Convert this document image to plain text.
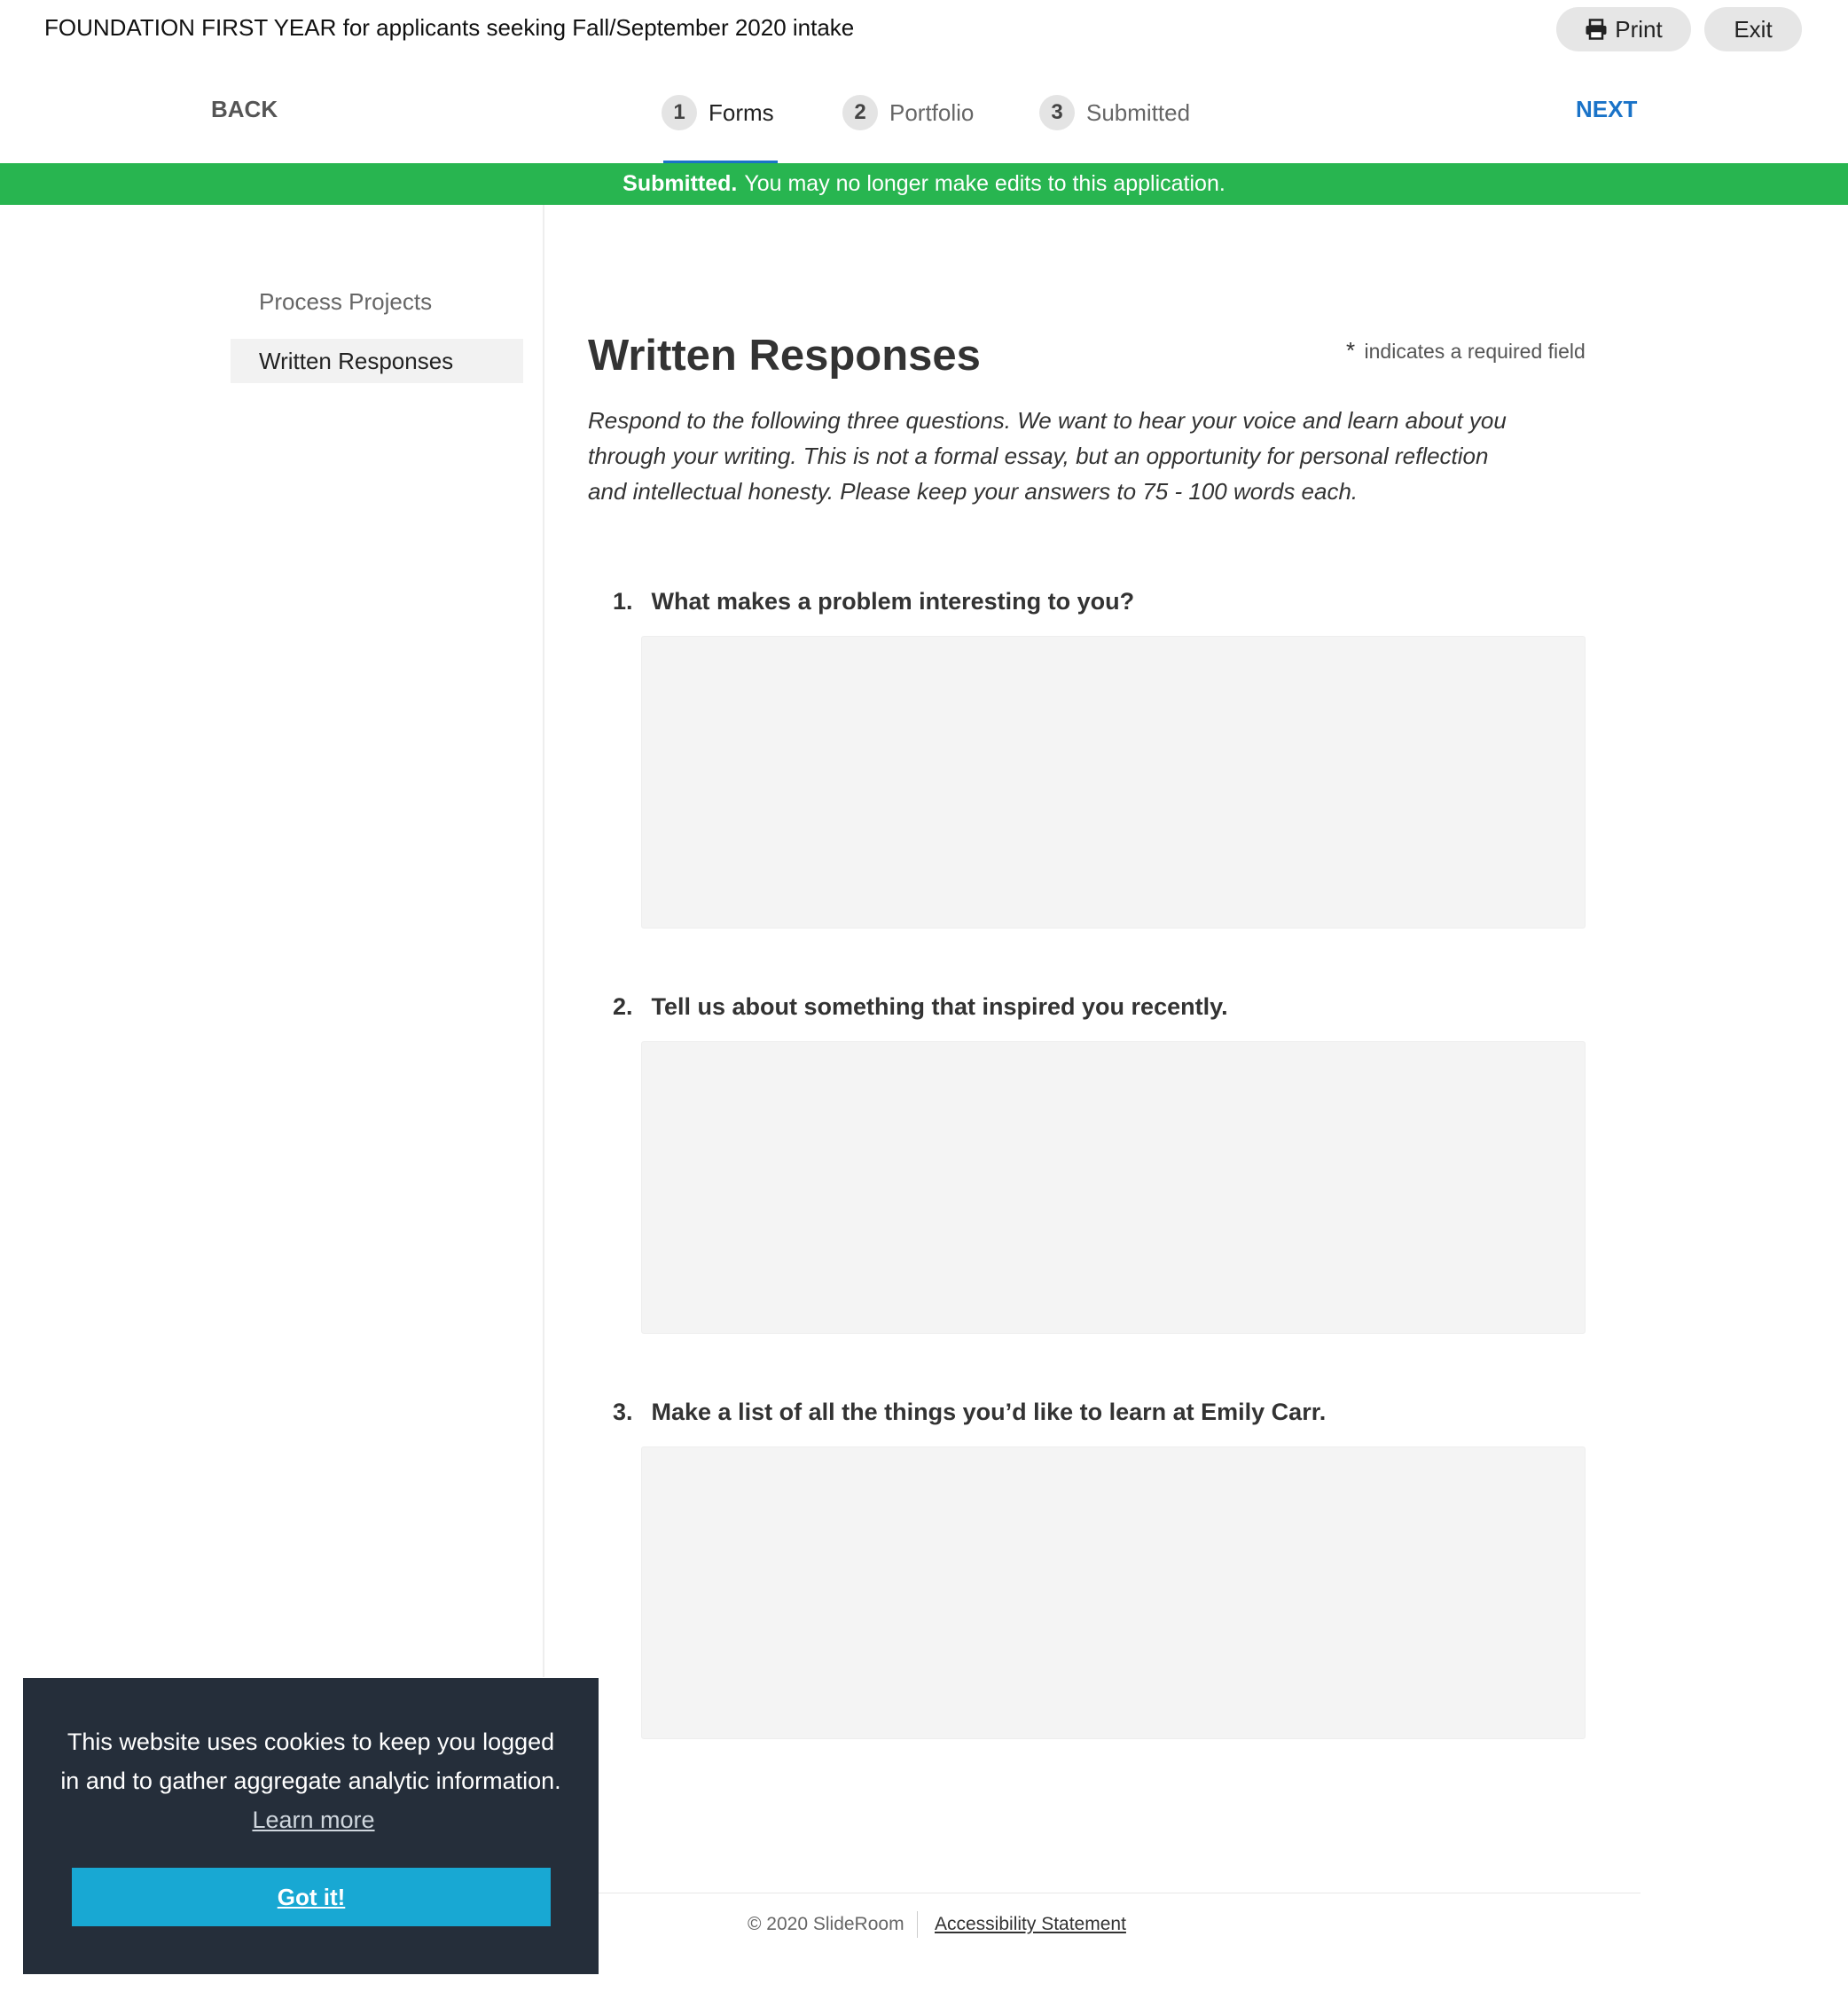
FOUNDATION FIRST YEAR for applicants seeking Fall/September 2020 intake	Print	Exit
BACK	1	Forms	2	Portfolio	3	Submitted	NEXT
Submitted. You may no longer make edits to this application.
Process Projects
Written Responses	Written Responses	* indicates a required field
Respond to the following three questions. We want to hear your voice and learn about you through your writing. This is not a formal essay, but an opportunity for personal reflection and intellectual honesty. Please keep your answers to 75 - 100 words each.
1. What makes a problem interesting to you?
2. Tell us about something that inspired you recently.
3. Make a list of all the things you’d like to learn at Emily Carr.
© 2020 SlideRoom Accessibility Statement
This website uses cookies to keep you logged in and to gather aggregate analytic information. Learn more
Got it!
